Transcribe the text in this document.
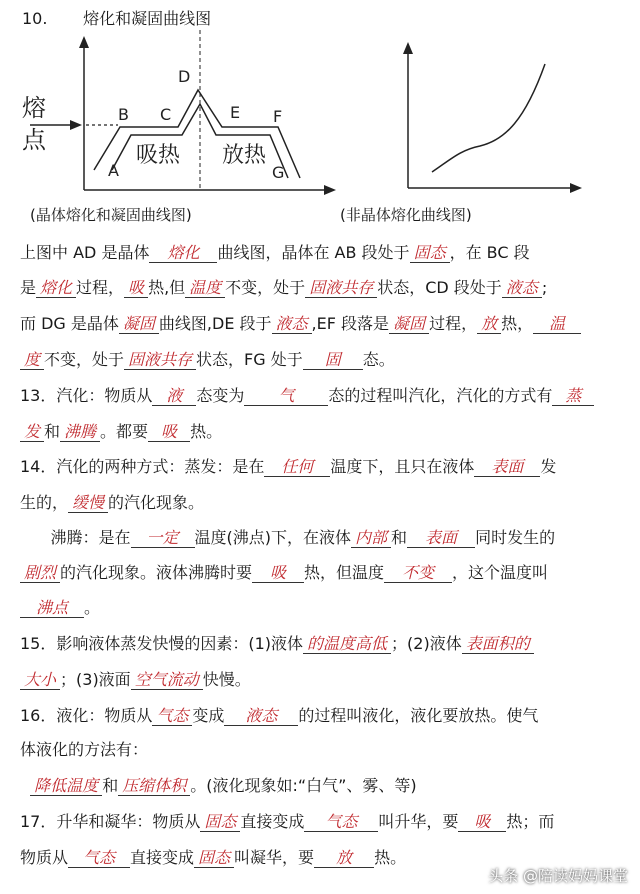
10. 熔化和凝固曲线图
熔
点
A
B C
D
E F
G
吸热 放热
(晶体熔化和凝固曲线图)	(非晶体熔化曲线图)
上图中 AD 是晶体 熔化 曲线图，晶体在 AB 段处于 固态 ，在 BC 段
是 熔化 过程， 吸 热,但 温度 不变，处于 固液共存 状态，CD 段处于 液态 ;
而 DG 是晶体 凝固 曲线图,DE 段于 液态 ,EF 段落是 凝固 过程， 放 热， 温
度 不变，处于 固液共存 状态，FG 处于 固 态。
13．汽化：物质从 液 态变为 气 态的过程叫汽化，汽化的方式有 蒸
发 和 沸腾 。都要 吸 热。
14．汽化的两种方式：蒸发：是在 任何 温度下，且只在液体 表面 发
生的， 缓慢 的汽化现象。
沸腾：是在 一定 温度(沸点)下，在液体 内部 和 表面 同时发生的
剧烈 的汽化现象。液体沸腾时要 吸 热，但温度 不变 ，这个温度叫
沸点 。
15．影响液体蒸发快慢的因素：(1)液体 的温度高低 ；(2)液体 表面积的
大小 ；(3)液面 空气流动 快慢。
16．液化：物质从 气态 变成 液态 的过程叫液化，液化要放热。使气
体液化的方法有：
降低温度 和 压缩体积 。(液化现象如:“白气”、雾、等)
17．升华和凝华：物质从 固态 直接变成 气态 叫升华，要 吸 热；而
物质从 气态 直接变成 固态 叫凝华，要 放 热。
头条 @陪读妈妈课堂
